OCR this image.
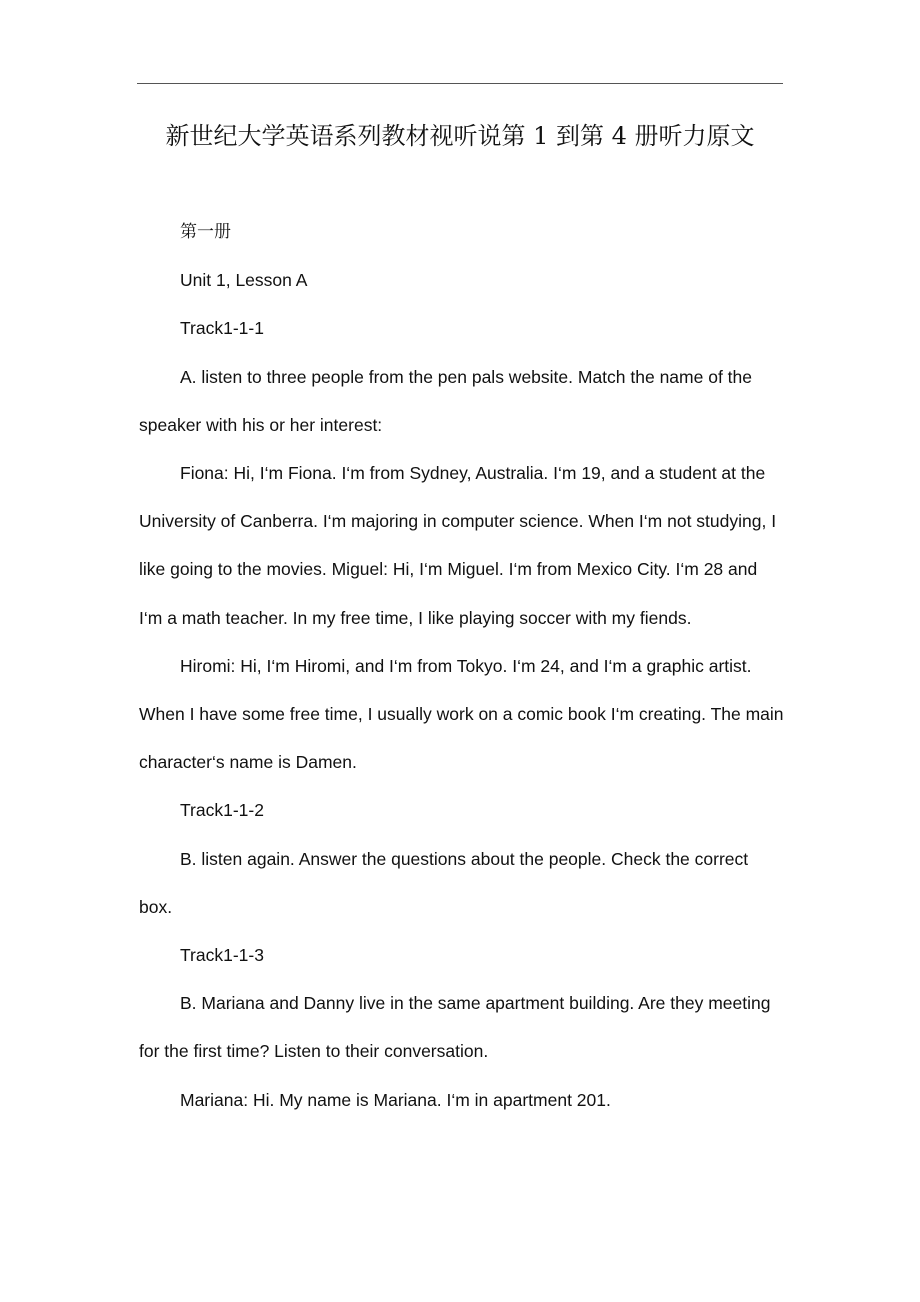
新世纪大学英语系列教材视听说第 1 到第 4 册听力原文

第一册

Unit 1, Lesson A

Track1-1-1

A. listen to three people from the pen pals website. Match the name of the speaker with his or her interest:

Fiona: Hi, I‘m Fiona. I‘m from Sydney, Australia. I‘m 19, and a student at the University of Canberra. I‘m majoring in computer science. When I‘m not studying, I like going to the movies. Miguel: Hi, I‘m Miguel. I‘m from Mexico City. I‘m 28 and I‘m a math teacher. In my free time, I like playing soccer with my fiends.

Hiromi: Hi, I‘m Hiromi, and I‘m from Tokyo. I‘m 24, and I‘m a graphic artist. When I have some free time, I usually work on a comic book I‘m creating. The main character‘s name is Damen.

Track1-1-2

B. listen again. Answer the questions about the people. Check the correct box.

Track1-1-3

B. Mariana and Danny live in the same apartment building. Are they meeting for the first time? Listen to their conversation.

Mariana: Hi. My name is Mariana. I‘m in apartment 201.
